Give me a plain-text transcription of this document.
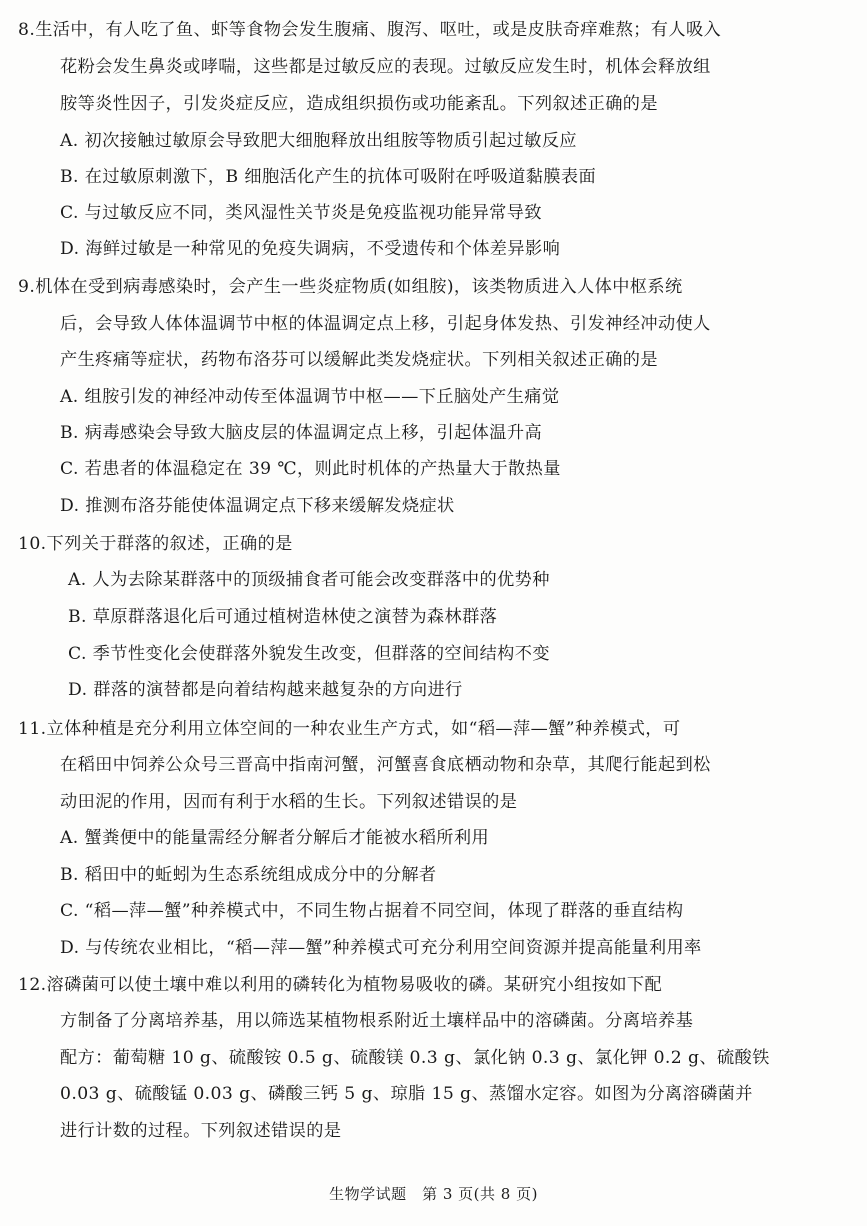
8.生活中，有人吃了鱼、虾等食物会发生腹痛、腹泻、呕吐，或是皮肤奇痒难熬；有人吸入
花粉会发生鼻炎或哮喘，这些都是过敏反应的表现。过敏反应发生时，机体会释放组
胺等炎性因子，引发炎症反应，造成组织损伤或功能紊乱。下列叙述正确的是
A. 初次接触过敏原会导致肥大细胞释放出组胺等物质引起过敏反应
B. 在过敏原刺激下，B 细胞活化产生的抗体可吸附在呼吸道黏膜表面
C. 与过敏反应不同，类风湿性关节炎是免疫监视功能异常导致
D. 海鲜过敏是一种常见的免疫失调病，不受遗传和个体差异影响
9.机体在受到病毒感染时，会产生一些炎症物质(如组胺)，该类物质进入人体中枢系统
后，会导致人体体温调节中枢的体温调定点上移，引起身体发热、引发神经冲动使人
产生疼痛等症状，药物布洛芬可以缓解此类发烧症状。下列相关叙述正确的是
A. 组胺引发的神经冲动传至体温调节中枢——下丘脑处产生痛觉
B. 病毒感染会导致大脑皮层的体温调定点上移，引起体温升高
C. 若患者的体温稳定在 39 ℃，则此时机体的产热量大于散热量
D. 推测布洛芬能使体温调定点下移来缓解发烧症状
10.下列关于群落的叙述，正确的是
A. 人为去除某群落中的顶级捕食者可能会改变群落中的优势种
B. 草原群落退化后可通过植树造林使之演替为森林群落
C. 季节性变化会使群落外貌发生改变，但群落的空间结构不变
D. 群落的演替都是向着结构越来越复杂的方向进行
11.立体种植是充分利用立体空间的一种农业生产方式，如“稻—萍—蟹”种养模式，可
在稻田中饲养公众号三晋高中指南河蟹，河蟹喜食底栖动物和杂草，其爬行能起到松
动田泥的作用，因而有利于水稻的生长。下列叙述错误的是
A. 蟹粪便中的能量需经分解者分解后才能被水稻所利用
B. 稻田中的蚯蚓为生态系统组成成分中的分解者
C. “稻—萍—蟹”种养模式中，不同生物占据着不同空间，体现了群落的垂直结构
D. 与传统农业相比，“稻—萍—蟹”种养模式可充分利用空间资源并提高能量利用率
12.溶磷菌可以使土壤中难以利用的磷转化为植物易吸收的磷。某研究小组按如下配
方制备了分离培养基，用以筛选某植物根系附近土壤样品中的溶磷菌。分离培养基
配方：葡萄糖 10 g、硫酸铵 0.5 g、硫酸镁 0.3 g、氯化钠 0.3 g、氯化钾 0.2 g、硫酸铁
0.03 g、硫酸锰 0.03 g、磷酸三钙 5 g、琼脂 15 g、蒸馏水定容。如图为分离溶磷菌并
进行计数的过程。下列叙述错误的是
生物学试题　第 3 页(共 8 页)
